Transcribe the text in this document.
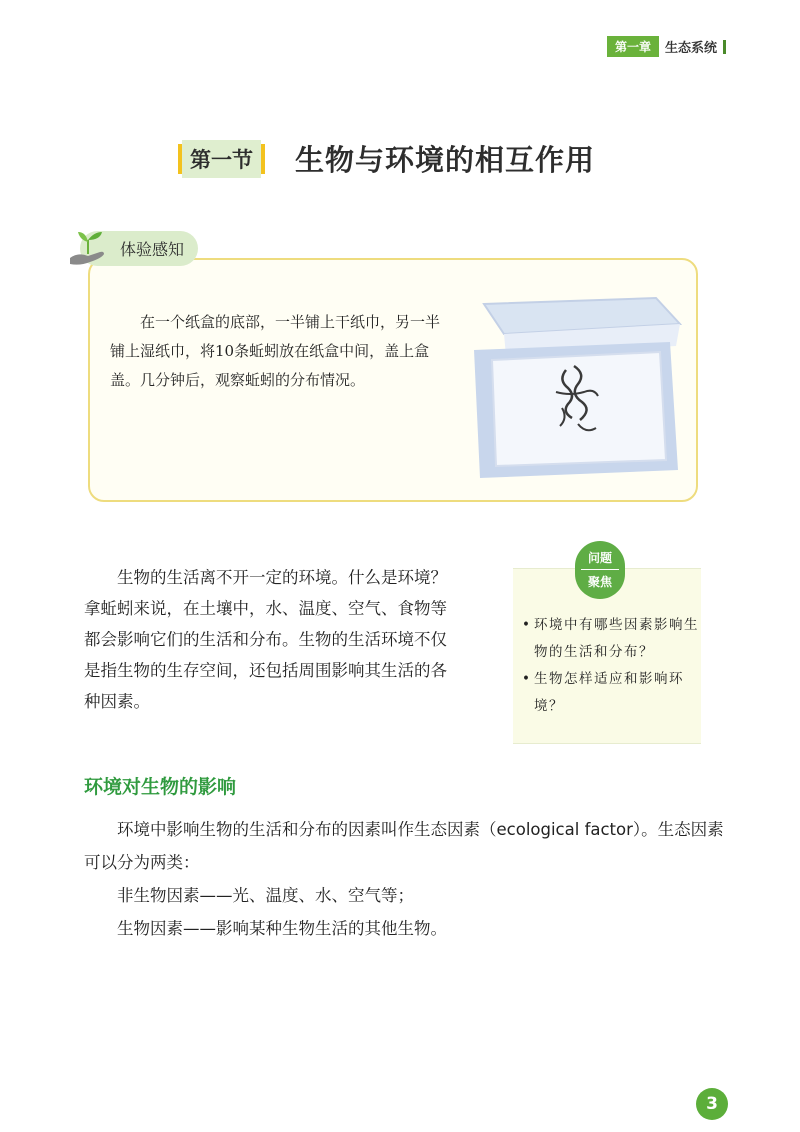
第一章	生态系统
第一节 生物与环境的相互作用
体验感知

在一个纸盒的底部，一半铺上干纸巾，另一半铺上湿纸巾，将10条蚯蚓放在纸盒中间，盖上盒盖。几分钟后，观察蚯蚓的分布情况。

生物的生活离不开一定的环境。什么是环境？拿蚯蚓来说，在土壤中，水、温度、空气、食物等都会影响它们的生活和分布。生物的生活环境不仅是指生物的生存空间，还包括周围影响其生活的各种因素。

问题
聚焦
• 环境中有哪些因素影响生物的生活和分布？
• 生物怎样适应和影响环境？
环境对生物的影响

环境中影响生物的生活和分布的因素叫作生态因素（ecological factor）。生态因素可以分为两类：

非生物因素——光、温度、水、空气等；

生物因素——影响某种生物生活的其他生物。

3
